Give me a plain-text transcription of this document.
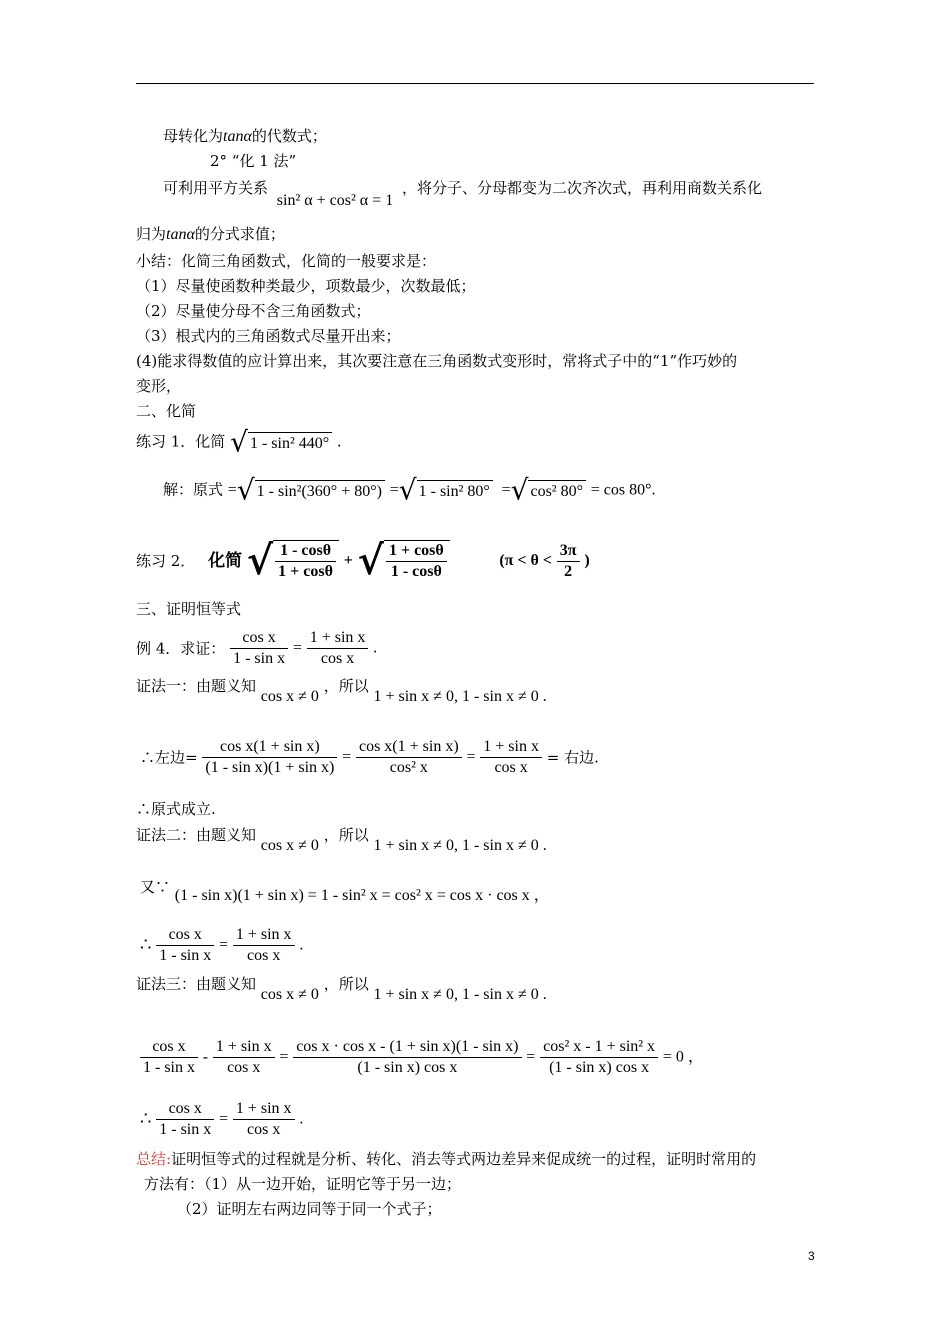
母转化为tanα的代数式；
2° “化 1 法”
可利用平方关系 sin² α + cos² α = 1 ，将分子、分母都变为二次齐次式，再利用商数关系化
归为tanα的分式求值；
小结：化简三角函数式，化简的一般要求是：
（1）尽量使函数种类最少，项数最少，次数最低；
（2）尽量使分母不含三角函数式；
（3）根式内的三角函数式尽量开出来；
(4)能求得数值的应计算出来，其次要注意在三角函数式变形时，常将式子中的“1”作巧妙的
变形，
二、化简
练习 1．化简 √ 1 - sin² 440° .
解：原式 =√ 1 - sin²(360° + 80°) =√ 1 - sin² 80°  =√ cos² 80° = cos 80°.
练习 2． 化简 √ $\frac{1 - \cos\theta}{1 + \cos\theta}$ + √ $\frac{1 + \cos\theta}{1 - \cos\theta}$	($\pi < \theta < \frac{3\pi}{2}$ )
三、证明恒等式
例 4．求证： $\frac{\text{cos x}}{\text{1 - sin x}} = \frac{\text{1 + sin x}}{\text{cos x}}$ .
证法一：由题义知 cos x ≠ 0 ，所以 1 + sin x ≠ 0, 1 - sin x ≠ 0 .
∴左边= $\frac{\text{cos x(1 + sin x)}}{\text{(1 - sin x)(1 + sin x)}} = \frac{\text{cos x(1 + sin x)}}{\text{cos² x}} = \frac{\text{1 + sin x}}{\text{cos x}}$ = 右边.
∴原式成立.
证法二：由题义知 cos x ≠ 0 ，所以 1 + sin x ≠ 0, 1 - sin x ≠ 0 .
又∵ (1 - sin x)(1 + sin x) = 1 - sin² x = cos² x = cos x · cos x ，
∴ $\frac{\text{cos x}}{\text{1 - sin x}} = \frac{\text{1 + sin x}}{\text{cos x}}$ .
证法三：由题义知 cos x ≠ 0 ，所以 1 + sin x ≠ 0, 1 - sin x ≠ 0 .
$\frac{\text{cos x}}{\text{1 - sin x}} - \frac{\text{1 + sin x}}{\text{cos x}} = \frac{\text{cos x · cos x - (1 + sin x)(1 - sin x)}}{\text{(1 - sin x) cos x}} = \frac{\text{cos² x - 1 + sin² x}}{\text{(1 - sin x) cos x}} = 0$ ，
∴ $\frac{\text{cos x}}{\text{1 - sin x}} = \frac{\text{1 + sin x}}{\text{cos x}}$ .
总结:证明恒等式的过程就是分析、转化、消去等式两边差异来促成统一的过程，证明时常用的
方法有：（1）从一边开始，证明它等于另一边；
（2）证明左右两边同等于同一个式子；
3
